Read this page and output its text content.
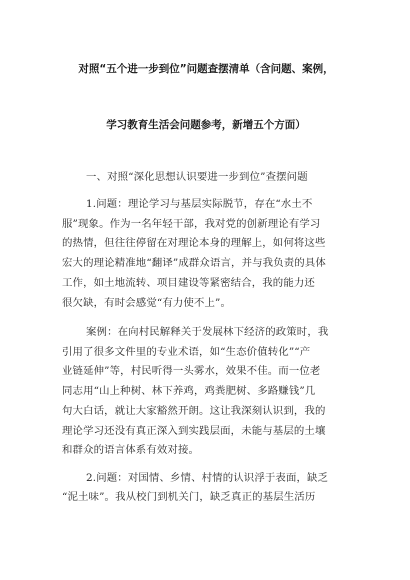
对照“五个进一步到位”问题查摆清单（含问题、案例，
学习教育生活会问题参考，新增五个方面）
一、对照“深化思想认识要进一步到位”查摆问题
1.问题：理论学习与基层实际脱节，存在“水土不
服”现象。作为一名年轻干部，我对党的创新理论有学习
的热情，但往往停留在对理论本身的理解上，如何将这些
宏大的理论精准地“翻译”成群众语言，并与我负责的具体
工作，如土地流转、项目建设等紧密结合，我的能力还
很欠缺，有时会感觉“有力使不上”。
案例：在向村民解释关于发展林下经济的政策时，我
引用了很多文件里的专业术语，如“生态价值转化”“产
业链延伸”等，村民听得一头雾水，效果不佳。而一位老
同志用“山上种树、林下养鸡，鸡粪肥树、多路赚钱”几
句大白话，就让大家豁然开朗。这让我深刻认识到，我的
理论学习还没有真正深入到实践层面，未能与基层的土壤
和群众的语言体系有效对接。
2.问题：对国情、乡情、村情的认识浮于表面，缺乏
“泥土味”。我从校门到机关门，缺乏真正的基层生活历
